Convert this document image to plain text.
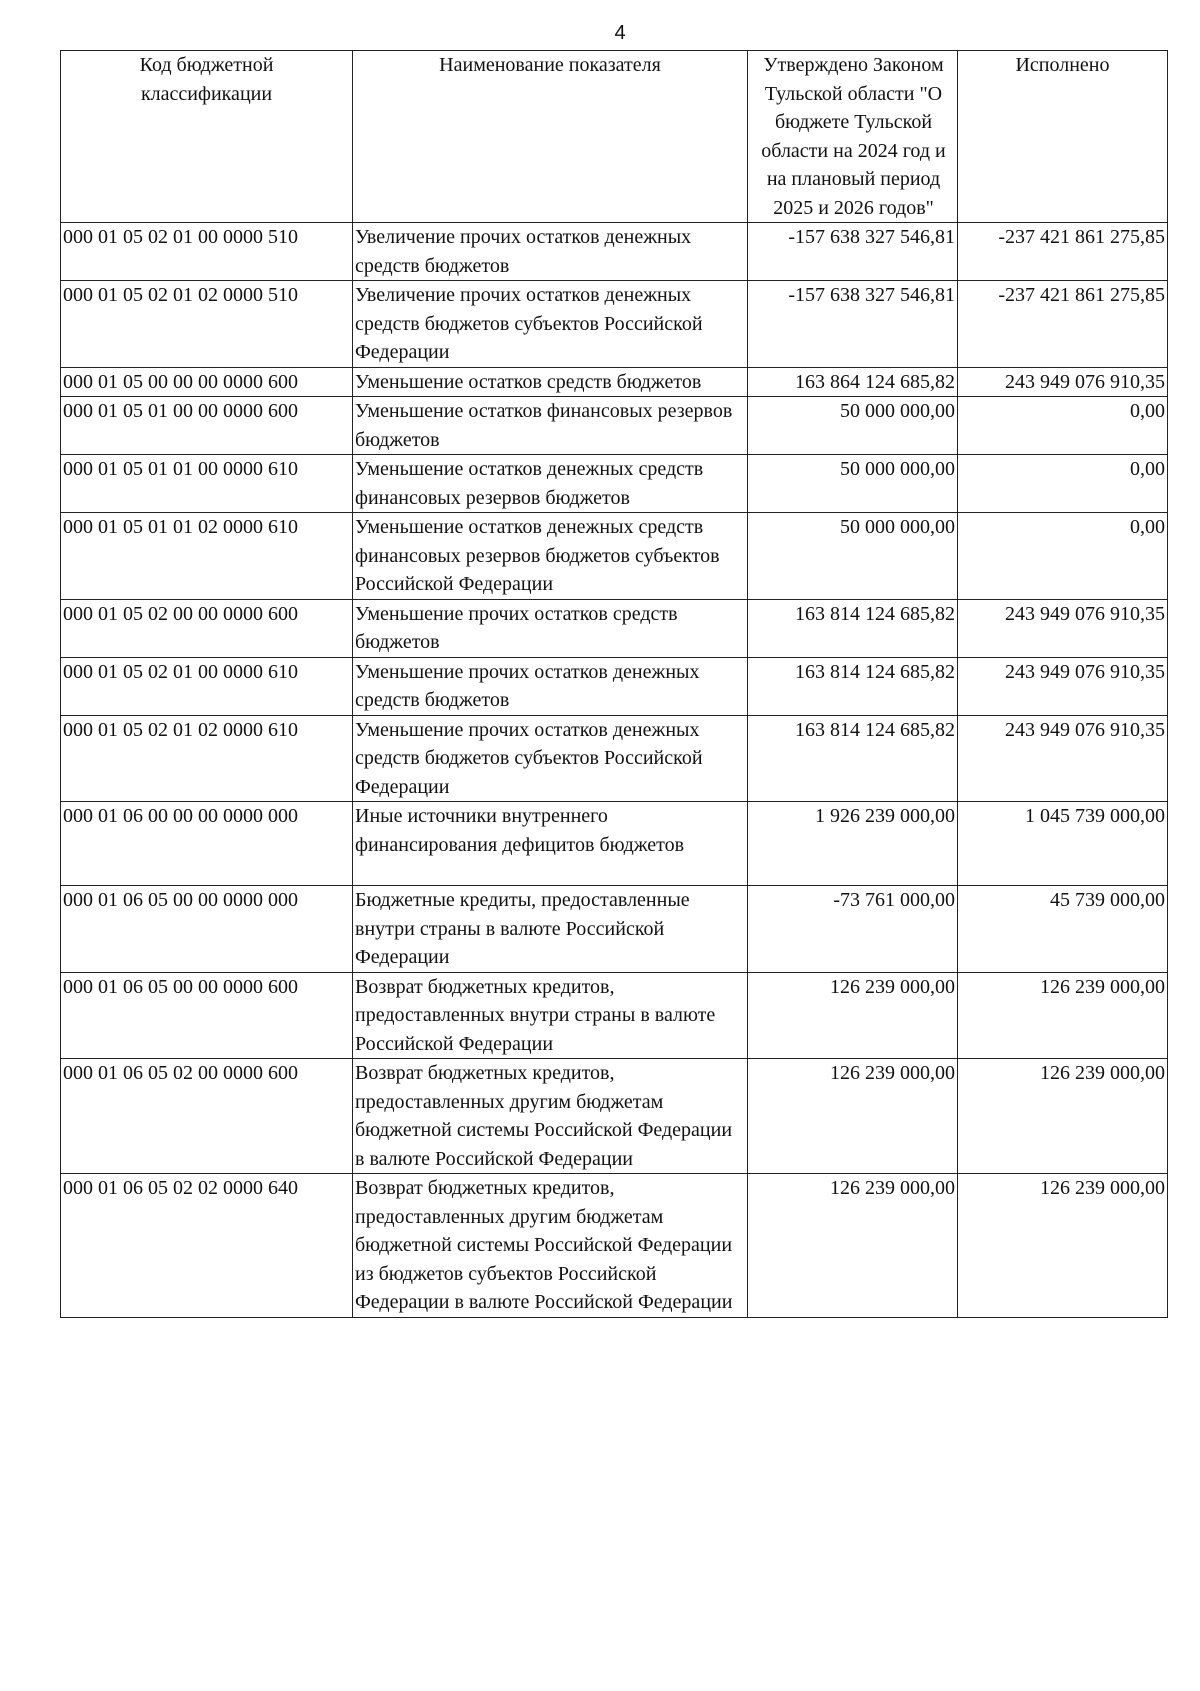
4
Код бюджетной классификации	Наименование показателя	Утверждено Законом Тульской области "О бюджете Тульской области на 2024 год и на плановый период 2025 и 2026 годов"	Исполнено
000 01 05 02 01 00 0000 510	Увеличение прочих остатков денежных средств бюджетов	-157 638 327 546,81	-237 421 861 275,85
000 01 05 02 01 02 0000 510	Увеличение прочих остатков денежных средств бюджетов субъектов Российской Федерации	-157 638 327 546,81	-237 421 861 275,85
000 01 05 00 00 00 0000 600	Уменьшение остатков средств бюджетов	163 864 124 685,82	243 949 076 910,35
000 01 05 01 00 00 0000 600	Уменьшение остатков финансовых резервов бюджетов	50 000 000,00	0,00
000 01 05 01 01 00 0000 610	Уменьшение остатков денежных средств финансовых резервов бюджетов	50 000 000,00	0,00
000 01 05 01 01 02 0000 610	Уменьшение остатков денежных средств финансовых резервов бюджетов субъектов Российской Федерации	50 000 000,00	0,00
000 01 05 02 00 00 0000 600	Уменьшение прочих остатков средств бюджетов	163 814 124 685,82	243 949 076 910,35
000 01 05 02 01 00 0000 610	Уменьшение прочих остатков денежных средств бюджетов	163 814 124 685,82	243 949 076 910,35
000 01 05 02 01 02 0000 610	Уменьшение прочих остатков денежных средств бюджетов субъектов Российской Федерации	163 814 124 685,82	243 949 076 910,35
000 01 06 00 00 00 0000 000	Иные источники внутреннего финансирования дефицитов бюджетов	1 926 239 000,00	1 045 739 000,00
000 01 06 05 00 00 0000 000	Бюджетные кредиты, предоставленные внутри страны в валюте Российской Федерации	-73 761 000,00	45 739 000,00
000 01 06 05 00 00 0000 600	Возврат бюджетных кредитов, предоставленных внутри страны в валюте Российской Федерации	126 239 000,00	126 239 000,00
000 01 06 05 02 00 0000 600	Возврат бюджетных кредитов, предоставленных другим бюджетам бюджетной системы Российской Федерации в валюте Российской Федерации	126 239 000,00	126 239 000,00
000 01 06 05 02 02 0000 640	Возврат бюджетных кредитов, предоставленных другим бюджетам бюджетной системы Российской Федерации из бюджетов субъектов Российской Федерации в валюте Российской Федерации	126 239 000,00	126 239 000,00
